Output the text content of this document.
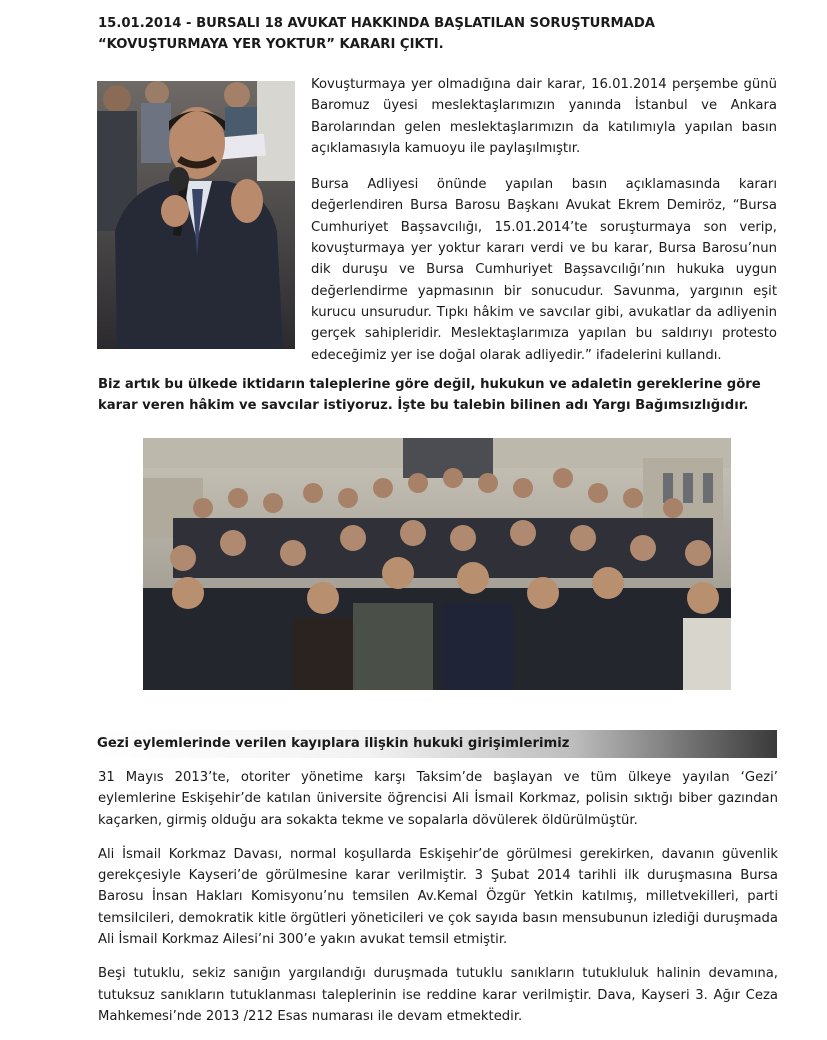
15.01.2014 - BURSALI 18 AVUKAT HAKKINDA BAŞLATILAN SORUŞTURMADA
“KOVUŞTURMAYA YER YOKTUR” KARARI ÇIKTI.

Kovuşturmaya yer olmadığına dair karar, 16.01.2014 perşembe günü Baromuz üyesi meslektaşlarımızın yanında İstanbul ve Ankara Barolarından gelen meslektaşlarımızın da katılımıyla yapılan basın açıklamasıyla kamuoyu ile paylaşılmıştır.

Bursa Adliyesi önünde yapılan basın açıklamasında kararı değerlendiren Bursa Barosu Başkanı Avukat Ekrem Demiröz, “Bursa Cumhuriyet Başsavcılığı, 15.01.2014’te soruşturmaya son verip, kovuşturmaya yer yoktur kararı verdi ve bu karar, Bursa Barosu’nun dik duruşu ve Bursa Cumhuriyet Başsavcılığı’nın hukuka uygun değerlendirme yapmasının bir sonucudur. Savunma, yargının eşit kurucu unsurudur. Tıpkı hâkim ve savcılar gibi, avukatlar da adliyenin gerçek sahipleridir. Meslektaşlarımıza yapılan bu saldırıyı protesto edeceğimiz yer ise doğal olarak adliyedir.” ifadelerini kullandı.

Biz artık bu ülkede iktidarın taleplerine göre değil, hukukun ve adaletin gereklerine göre karar veren hâkim ve savcılar istiyoruz. İşte bu talebin bilinen adı Yargı Bağımsızlığıdır.

Gezi eylemlerinde verilen kayıplara ilişkin hukuki girişimlerimiz

31 Mayıs 2013’te, otoriter yönetime karşı Taksim’de başlayan ve tüm ülkeye yayılan ‘Gezi’ eylemlerine Eskişehir’de katılan üniversite öğrencisi Ali İsmail Korkmaz, polisin sıktığı biber gazından kaçarken, girmiş olduğu ara sokakta tekme ve sopalarla dövülerek öldürülmüştür.

Ali İsmail Korkmaz Davası, normal koşullarda Eskişehir’de görülmesi gerekirken, davanın güvenlik gerekçesiyle Kayseri’de görülmesine karar verilmiştir. 3 Şubat 2014 tarihli ilk duruşmasına Bursa Barosu İnsan Hakları Komisyonu’nu temsilen Av.Kemal Özgür Yetkin katılmış, milletvekilleri, parti temsilcileri, demokratik kitle örgütleri yöneticileri ve çok sayıda basın mensubunun izlediği duruşmada Ali İsmail Korkmaz Ailesi’ni 300’e yakın avukat temsil etmiştir.

Beşi tutuklu, sekiz sanığın yargılandığı duruşmada tutuklu sanıkların tutukluluk halinin devamına, tutuksuz sanıkların tutuklanması taleplerinin ise reddine karar verilmiştir. Dava, Kayseri 3. Ağır Ceza Mahkemesi’nde 2013 /212 Esas numarası ile devam etmektedir.
